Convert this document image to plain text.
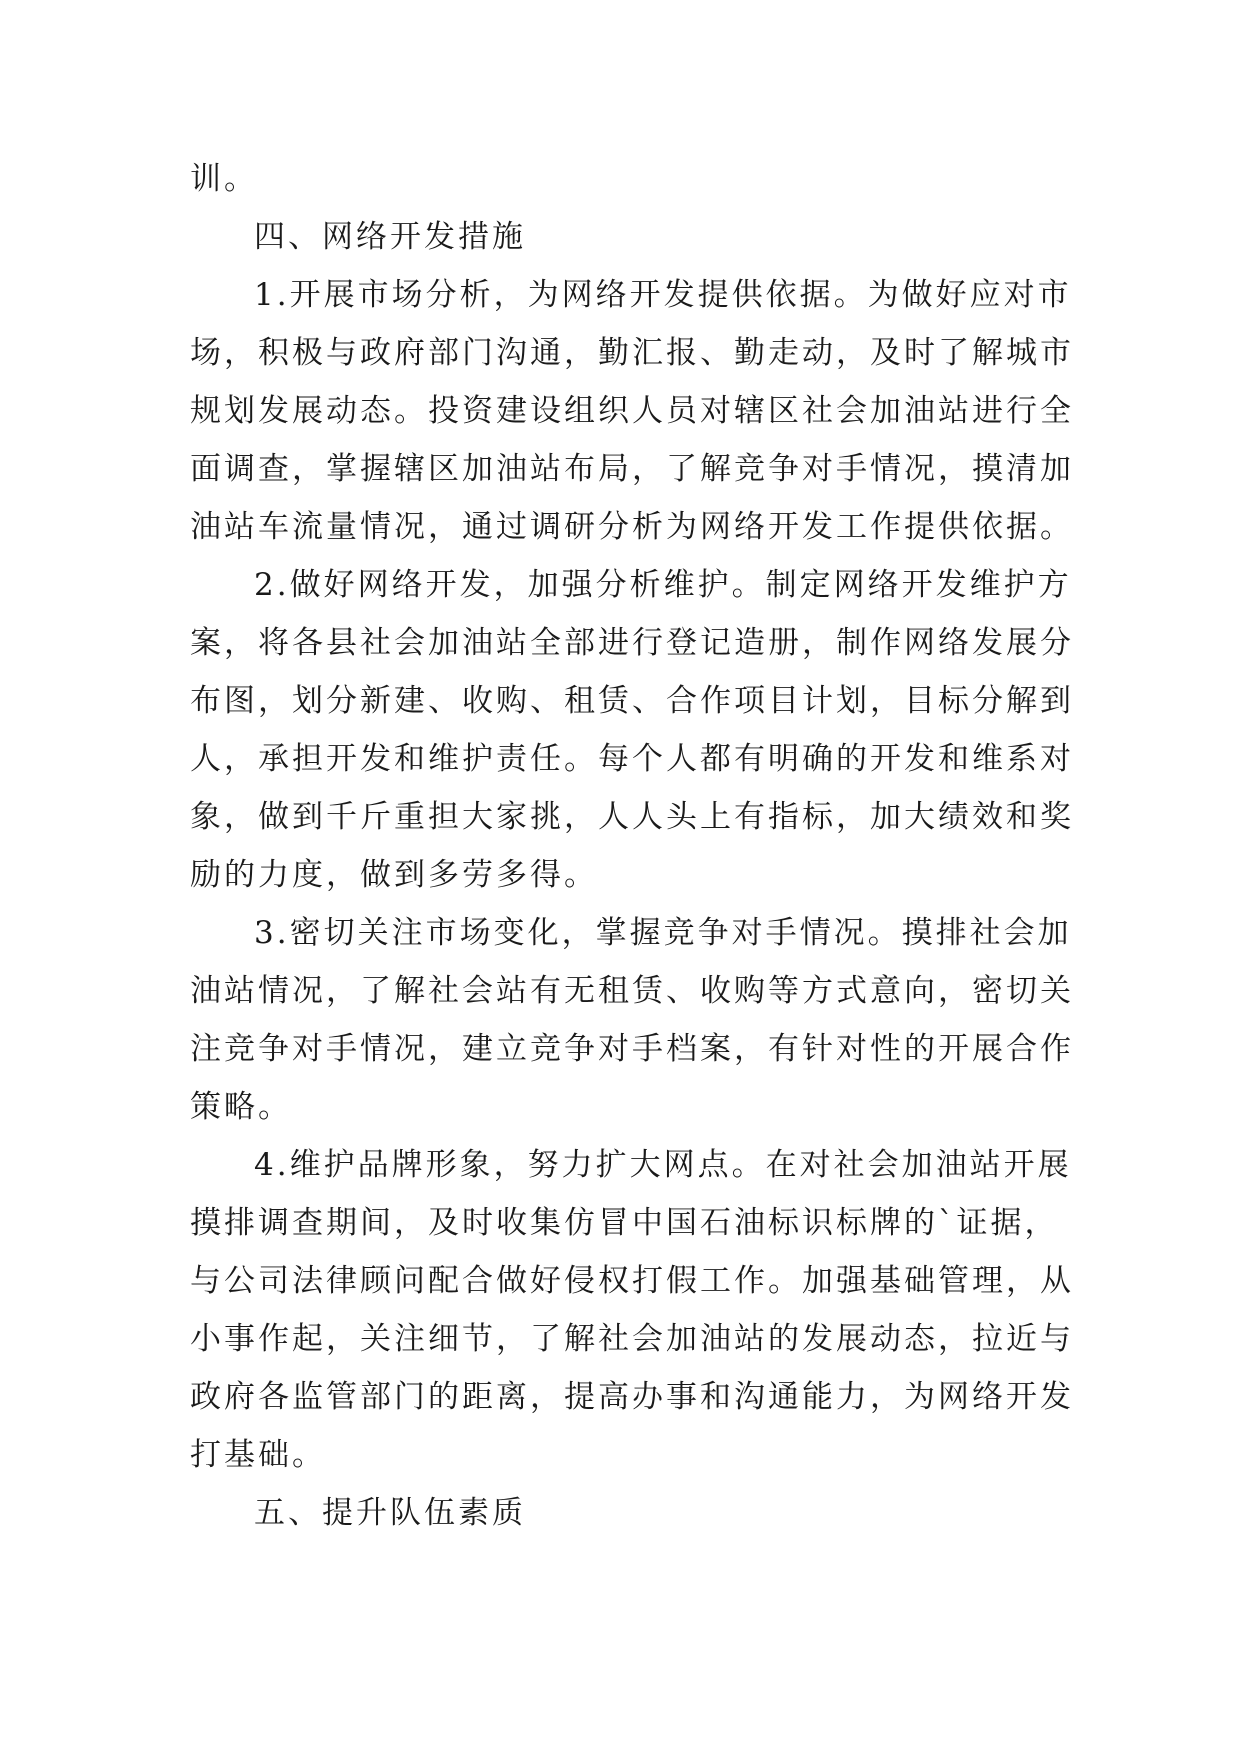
训。
四、网络开发措施
1.开展市场分析，为网络开发提供依据。为做好应对市
场，积极与政府部门沟通，勤汇报、勤走动，及时了解城市
规划发展动态。投资建设组织人员对辖区社会加油站进行全
面调查，掌握辖区加油站布局，了解竞争对手情况，摸清加
油站车流量情况，通过调研分析为网络开发工作提供依据。
2.做好网络开发，加强分析维护。制定网络开发维护方
案，将各县社会加油站全部进行登记造册，制作网络发展分
布图，划分新建、收购、租赁、合作项目计划，目标分解到
人，承担开发和维护责任。每个人都有明确的开发和维系对
象，做到千斤重担大家挑，人人头上有指标，加大绩效和奖
励的力度，做到多劳多得。
3.密切关注市场变化，掌握竞争对手情况。摸排社会加
油站情况，了解社会站有无租赁、收购等方式意向，密切关
注竞争对手情况，建立竞争对手档案，有针对性的开展合作
策略。
4.维护品牌形象，努力扩大网点。在对社会加油站开展
摸排调查期间，及时收集仿冒中国石油标识标牌的`证据，
与公司法律顾问配合做好侵权打假工作。加强基础管理，从
小事作起，关注细节，了解社会加油站的发展动态，拉近与
政府各监管部门的距离，提高办事和沟通能力，为网络开发
打基础。
五、提升队伍素质
